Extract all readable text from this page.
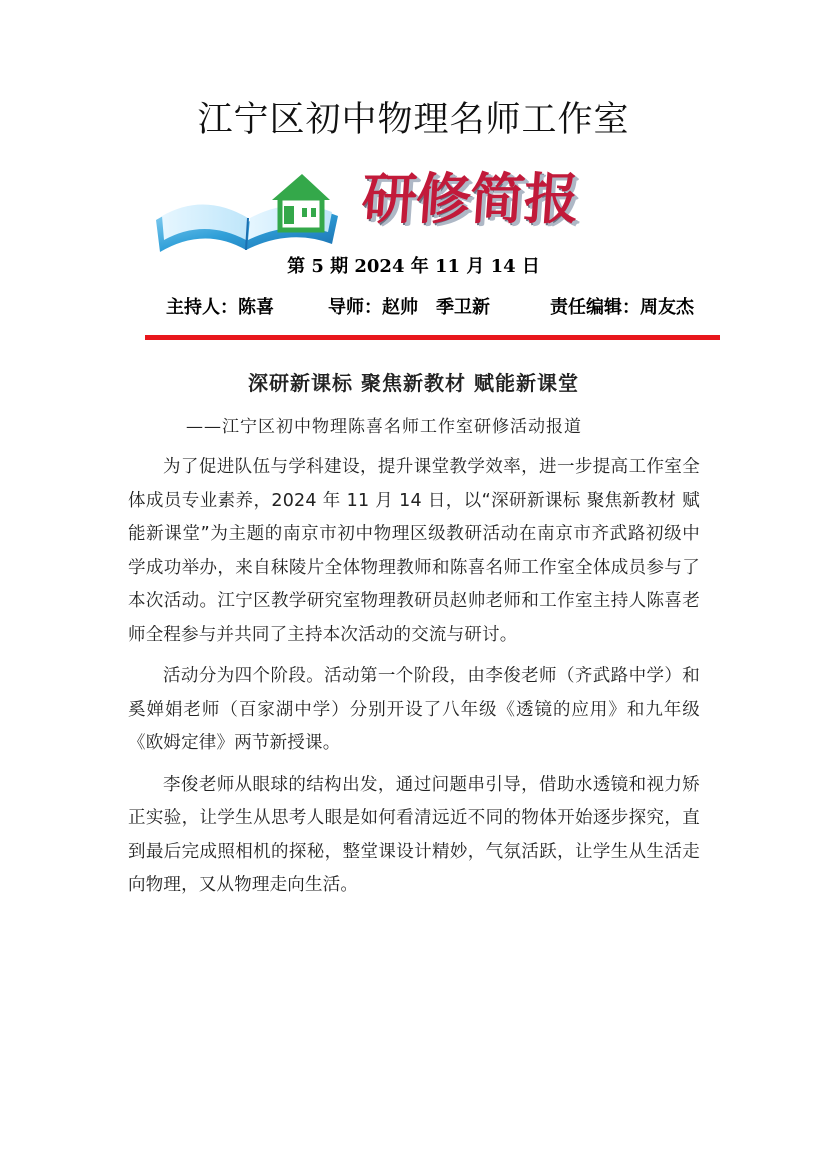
江宁区初中物理名师工作室
研修简报
第 5 期 2024 年 11 月 14 日
主持人：陈喜	导师：赵帅　季卫新	责任编辑：周友杰
深研新课标 聚焦新教材 赋能新课堂
——江宁区初中物理陈喜名师工作室研修活动报道

为了促进队伍与学科建设，提升课堂教学效率，进一步提高工作室全体成员专业素养，2024 年 11 月 14 日，以“深研新课标 聚焦新教材 赋能新课堂”为主题的南京市初中物理区级教研活动在南京市齐武路初级中学成功举办，来自秣陵片全体物理教师和陈喜名师工作室全体成员参与了本次活动。江宁区教学研究室物理教研员赵帅老师和工作室主持人陈喜老师全程参与并共同了主持本次活动的交流与研讨。

活动分为四个阶段。活动第一个阶段，由李俊老师（齐武路中学）和奚婵娟老师（百家湖中学）分别开设了八年级《透镜的应用》和九年级《欧姆定律》两节新授课。

李俊老师从眼球的结构出发，通过问题串引导，借助水透镜和视力矫正实验，让学生从思考人眼是如何看清远近不同的物体开始逐步探究，直到最后完成照相机的探秘，整堂课设计精妙，气氛活跃，让学生从生活走向物理，又从物理走向生活。
